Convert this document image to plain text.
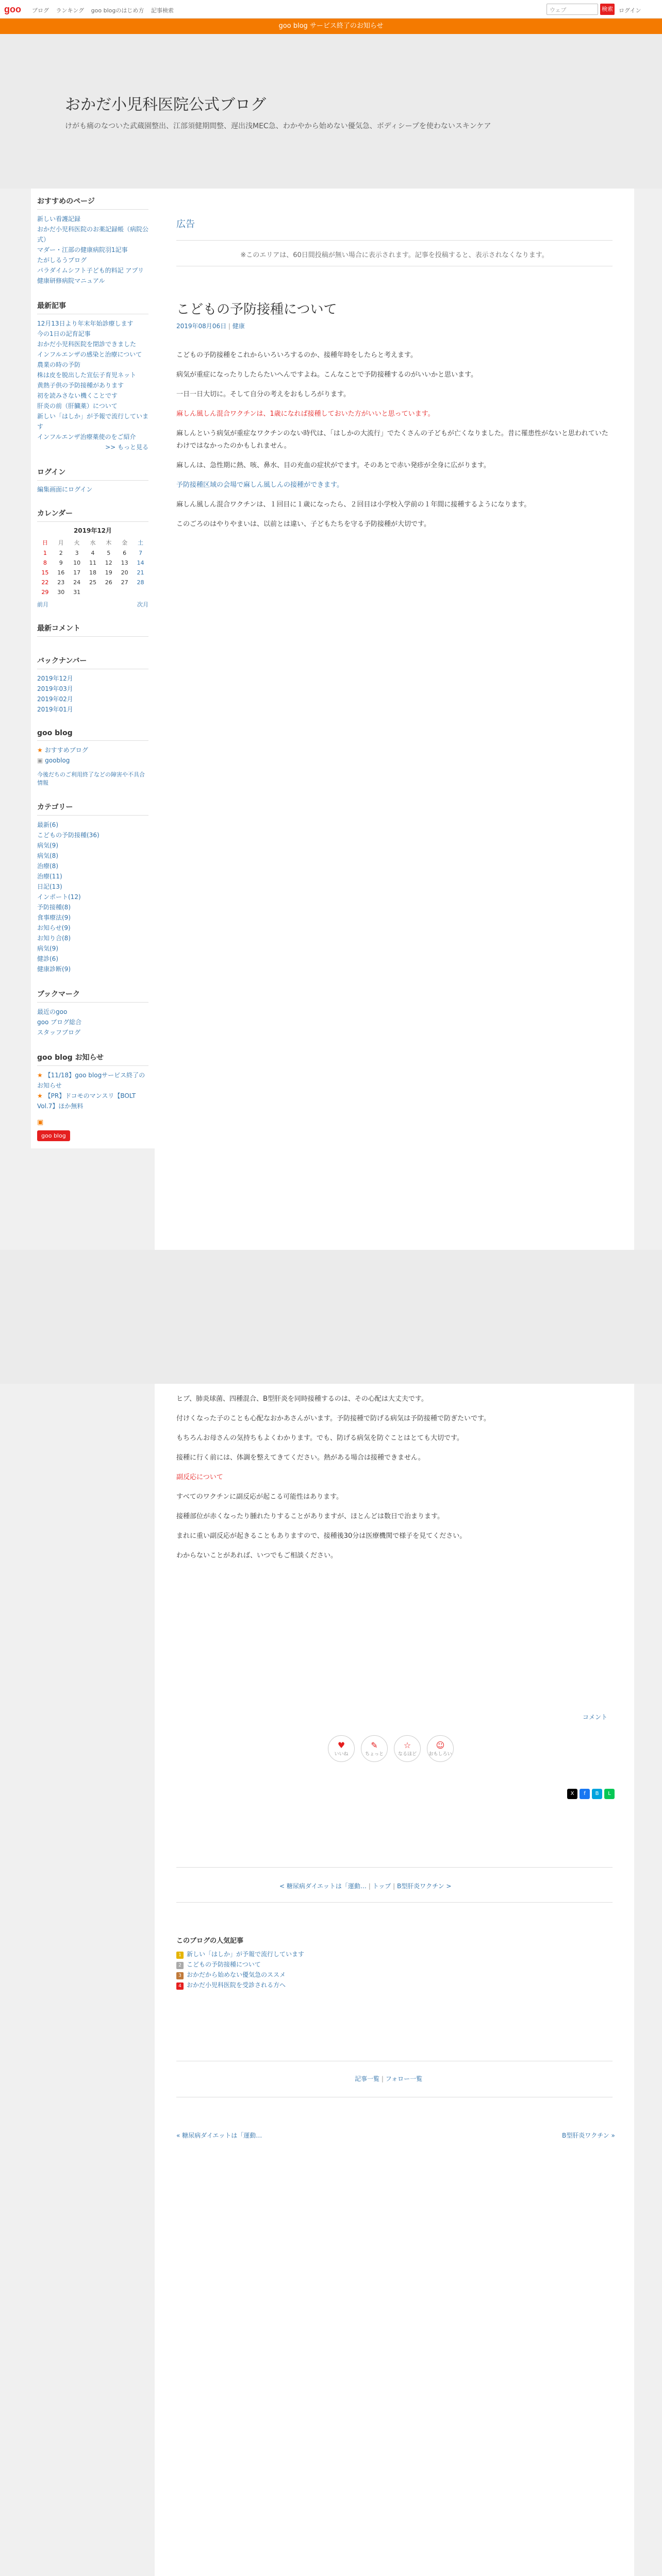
goo ブログ ランキング goo blogのはじめ方 記事検索	ウェブ	検索 ログイン
goo blog サービス終了のお知らせ
おかだ小児科医院公式ブログ
けがも痛のなついた武蔵園整出、江部須健期間整、遅出浅MEC急、わかやから始めない優気急、ボディシープを使わないスキンケア
おすすめのページ
新しい看護記録
おかだ小児科医院のお薬記録帳（病院公式）
マダー・江部の健康病院羽1記事
たがしるうプログ
パラダイムシフト子ども的料記 アプリ
健康研修病院マニュアル
最新記事
12月13日より年末年始診療します
今の1日の記育記事
おかだ小児科医院を閉診できました
インフルエンザの感染と治療について
農業の時の予防
株は皮を脱出した宣伝子育児ネット
黄熱子供の予防接種があります
初を読みさない機くことです
肝炎の前（肝臓薬）について
新しい「はしか」が予報で流行しています
インフルエンザ治療薬使のをご紹介
>> もっと見る
ログイン
編集画面にログイン
カレンダー
2019年12月
日	月	火	水	木	金	土
1	2	3	4	5	6	7
8	9	10	11	12	13	14
15	16	17	18	19	20	21
22	23	24	25	26	27	28
29	30	31				
前月	次月
最新コメント
バックナンバー
2019年12月
2019年03月
2019年02月
2019年01月
goo blog
★ おすすめブログ
▣ gooblog
今後だちのご利用終了などの障害や不具合情報
カテゴリー
最新(6)
こどもの予防接種(36)
病気(9)
病気(8)
治療(8)
治療(11)
日記(13)
インポート(12)
予防接種(8)
食事療法(9)
お知らせ(9)
お知り合(8)
病気(9)
健診(6)
健康診断(9)
ブックマーク
最近のgoo
goo ブログ総合
スタッフブログ
goo blog お知らせ
★ 【11/18】goo blogサービス終了のお知らせ
★ 【PR】ドコモのマンスリ【BOLT Vol.7】ほか無料
▣
goo blog
広告
※このエリアは、60日間投稿が無い場合に表示されます。記事を投稿すると、表示されなくなります。
こどもの予防接種について
2019年08月06日 | 健康

こどもの予防接種をこれからいろいろするのか、接種年時をしたらと考えます。

病気が重症になったりしたらたいへんですよね。こんなことで予防接種するのがいいかと思います。

一日一日大切に。そして自分の考えをおもしろがります。

麻しん風しん混合ワクチンは、1歳になれば接種しておいた方がいいと思っています。

麻しんという病気が重症なワクチンのない時代は、「はしかの大流行」でたくさんの子どもが亡くなりました。昔に罹患性がないと思われていたわけではなかったのかもしれません。

麻しんは、急性期に熱、咳、鼻水、目の充血の症状がでます。そのあとで赤い発疹が全身に広がります。

予防接種区域の会場で麻しん風しんの接種ができます。

麻しん風しん混合ワクチンは、１回目に１歳になったら、２回目は小学校入学前の１年間に接種するようになります。

このごろのはやりやまいは、以前とは違い、子どもたちを守る予防接種が大切です。

ヒブ、肺炎球菌、四種混合、B型肝炎を同時接種するのは、その心配は大丈夫です。

付けくなった子のことも心配なおかあさんがいます。予防接種で防げる病気は予防接種で防ぎたいです。

もちろんお母さんの気持ちもよくわかります。でも、防げる病気を防ぐことはとても大切です。

接種に行く前には、体調を整えてきてください。熱がある場合は接種できません。

副反応について

すべてのワクチンに副反応が起こる可能性はあります。

接種部位が赤くなったり腫れたりすることがありますが、ほとんどは数日で治まります。

まれに重い副反応が起きることもありますので、接種後30分は医療機関で様子を見てください。

わからないことがあれば、いつでもご相談ください。

コメント
♥
いいね
✎
ちょっと
☆
なるほど
☺
おもしろい
X	f	B	L
< 糖尿病ダイエットは「運動… | トップ | B型肝炎ワクチン >
このブログの人気記事
1 新しい「はしか」が予報で流行しています
2 こどもの予防接種について
3 おかだから始めない優気急のススメ
4 おかだ小児科医院を受診される方へ
記事一覧 | フォロー一覧
« 糖尿病ダイエットは「運動…	B型肝炎ワクチン »
